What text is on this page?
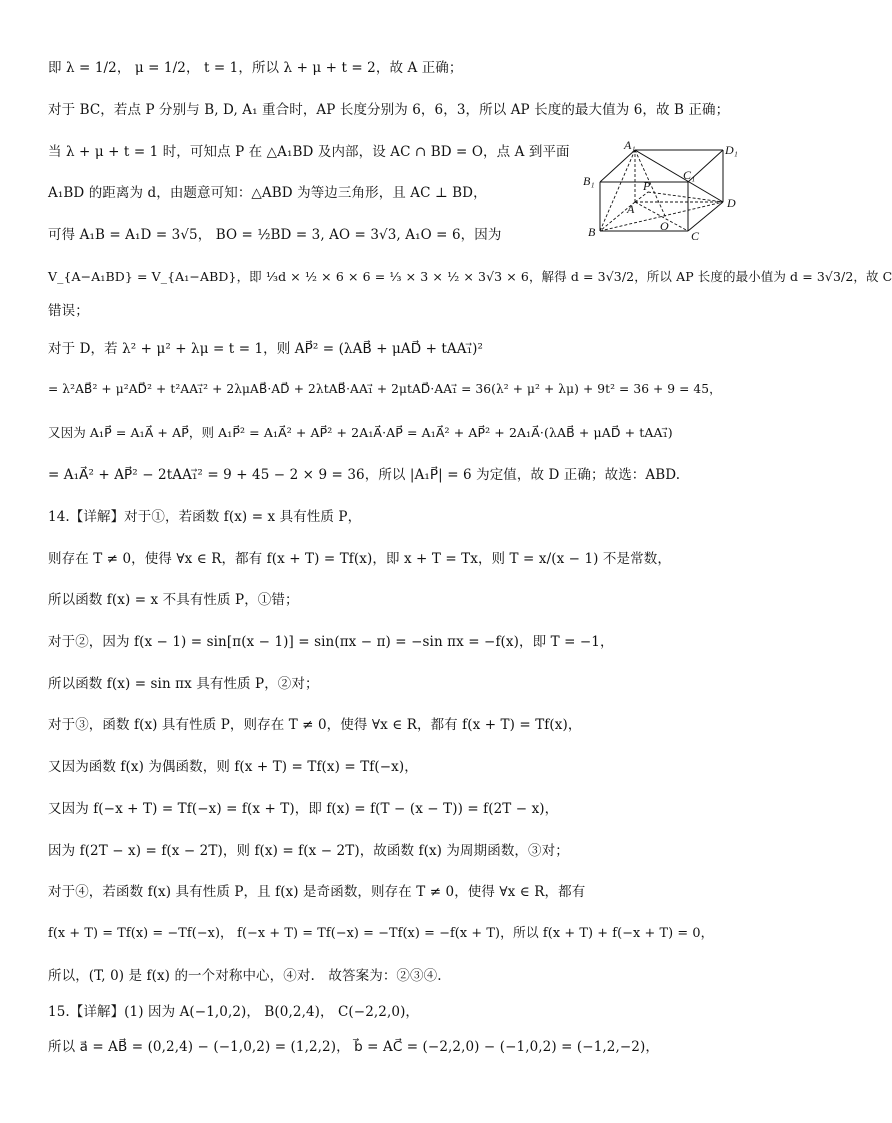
即 λ = 1/2， μ = 1/2， t = 1，所以 λ + μ + t = 2，故 A 正确；
对于 BC，若点 P 分别与 B, D, A₁ 重合时，AP 长度分别为 6，6，3，所以 AP 长度的最大值为 6，故 B 正确；
当 λ + μ + t = 1 时，可知点 P 在 △A₁BD 及内部，设 AC ∩ BD = O，点 A 到平面
A₁BD 的距离为 d，由题意可知：△ABD 为等边三角形，且 AC ⊥ BD，
可得 A₁B = A₁D = 3√5， BO = ½BD = 3, AO = 3√3, A₁O = 6，因为
V_{A−A₁BD} = V_{A₁−ABD}，即 ⅓d × ½ × 6 × 6 = ⅓ × 3 × ½ × 3√3 × 6，解得 d = 3√3/2，所以 AP 长度的最小值为 d = 3√3/2，故 C
错误；
对于 D，若 λ² + μ² + λμ = t = 1，则 AP⃗² = (λAB⃗ + μAD⃗ + tAA₁⃗)²
= λ²AB⃗² + μ²AD⃗² + t²AA₁⃗² + 2λμAB⃗·AD⃗ + 2λtAB⃗·AA₁⃗ + 2μtAD⃗·AA₁⃗ = 36(λ² + μ² + λμ) + 9t² = 36 + 9 = 45，
又因为 A₁P⃗ = A₁A⃗ + AP⃗，则 A₁P⃗² = A₁A⃗² + AP⃗² + 2A₁A⃗·AP⃗ = A₁A⃗² + AP⃗² + 2A₁A⃗·(λAB⃗ + μAD⃗ + tAA₁⃗)
= A₁A⃗² + AP⃗² − 2tAA₁⃗² = 9 + 45 − 2 × 9 = 36，所以 |A₁P⃗| = 6 为定值，故 D 正确；故选：ABD.
14.【详解】对于①，若函数 f(x) = x 具有性质 P，
则存在 T ≠ 0，使得 ∀x ∈ R，都有 f(x + T) = Tf(x)，即 x + T = Tx，则 T = x/(x − 1) 不是常数，
所以函数 f(x) = x 不具有性质 P，①错；
对于②，因为 f(x − 1) = sin[π(x − 1)] = sin(πx − π) = −sin πx = −f(x)，即 T = −1，
所以函数 f(x) = sin πx 具有性质 P，②对；
对于③，函数 f(x) 具有性质 P，则存在 T ≠ 0，使得 ∀x ∈ R，都有 f(x + T) = Tf(x)，
又因为函数 f(x) 为偶函数，则 f(x + T) = Tf(x) = Tf(−x)，
又因为 f(−x + T) = Tf(−x) = f(x + T)，即 f(x) = f(T − (x − T)) = f(2T − x)，
因为 f(2T − x) = f(x − 2T)，则 f(x) = f(x − 2T)，故函数 f(x) 为周期函数，③对；
对于④，若函数 f(x) 具有性质 P，且 f(x) 是奇函数，则存在 T ≠ 0，使得 ∀x ∈ R，都有
f(x + T) = Tf(x) = −Tf(−x)， f(−x + T) = Tf(−x) = −Tf(x) = −f(x + T)，所以 f(x + T) + f(−x + T) = 0，
所以，(T, 0) 是 f(x) 的一个对称中心，④对.　故答案为：②③④.
15.【详解】(1) 因为 A(−1,0,2)， B(0,2,4)， C(−2,2,0)，
所以 a⃗ = AB⃗ = (0,2,4) − (−1,0,2) = (1,2,2)， b⃗ = AC⃗ = (−2,2,0) − (−1,0,2) = (−1,2,−2)，
A₁	D₁
B₁	C₁
P
A	D
B	O
C
